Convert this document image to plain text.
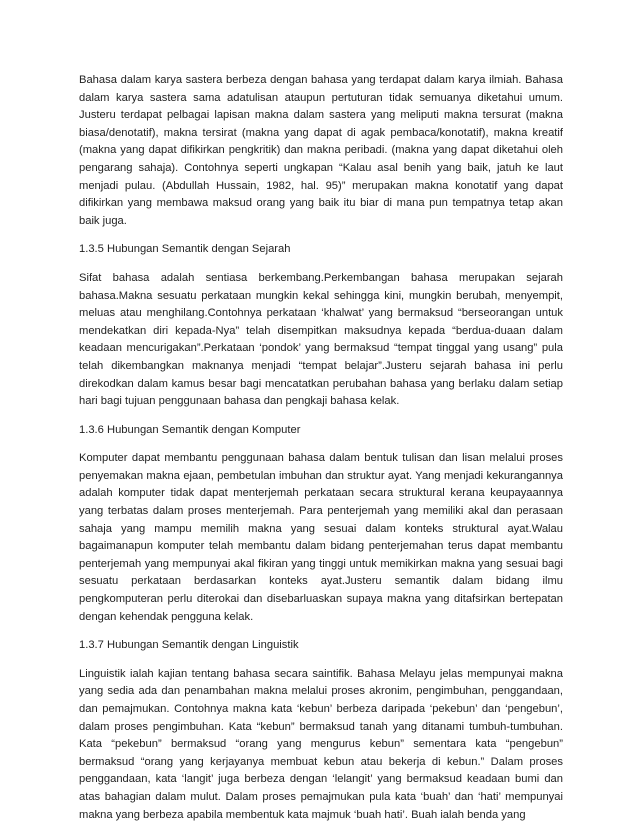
Bahasa dalam karya sastera berbeza dengan bahasa yang terdapat dalam karya ilmiah. Bahasa dalam karya sastera sama adatulisan ataupun pertuturan tidak semuanya diketahui umum. Justeru terdapat pelbagai lapisan makna dalam sastera yang meliputi makna tersurat (makna biasa/denotatif), makna tersirat (makna yang dapat di agak pembaca/konotatif), makna kreatif (makna yang dapat difikirkan pengkritik) dan makna peribadi. (makna yang dapat diketahui oleh pengarang sahaja). Contohnya seperti ungkapan “Kalau asal benih yang baik, jatuh ke laut menjadi pulau. (Abdullah Hussain, 1982, hal. 95)” merupakan makna konotatif yang dapat difikirkan yang membawa maksud orang yang baik itu biar di mana pun tempatnya tetap akan baik juga.

1.3.5 Hubungan Semantik dengan Sejarah

Sifat bahasa adalah sentiasa berkembang.Perkembangan bahasa merupakan sejarah bahasa.Makna sesuatu perkataan mungkin kekal sehingga kini, mungkin berubah, menyempit, meluas atau menghilang.Contohnya perkataan ‘khalwat’ yang bermaksud “berseorangan untuk mendekatkan diri kepada-Nya” telah disempitkan maksudnya kepada “berdua-duaan dalam keadaan mencurigakan”.Perkataan ‘pondok’ yang bermaksud “tempat tinggal yang usang” pula telah dikembangkan maknanya menjadi “tempat belajar”.Justeru sejarah bahasa ini perlu direkodkan dalam kamus besar bagi mencatatkan perubahan bahasa yang berlaku dalam setiap hari bagi tujuan penggunaan bahasa dan pengkaji bahasa kelak.

1.3.6 Hubungan Semantik dengan Komputer

Komputer dapat membantu penggunaan bahasa dalam bentuk tulisan dan lisan melalui proses penyemakan makna ejaan, pembetulan imbuhan dan struktur ayat. Yang menjadi kekurangannya adalah komputer tidak dapat menterjemah perkataan secara struktural kerana keupayaannya yang terbatas dalam proses menterjemah. Para penterjemah yang memiliki akal dan perasaan sahaja yang mampu memilih makna yang sesuai dalam konteks struktural ayat.Walau bagaimanapun komputer telah membantu dalam bidang penterjemahan terus dapat membantu penterjemah yang mempunyai akal fikiran yang tinggi untuk memikirkan makna yang sesuai bagi sesuatu perkataan berdasarkan konteks ayat.Justeru semantik dalam bidang ilmu pengkomputeran perlu diterokai dan disebarluaskan supaya makna yang ditafsirkan bertepatan dengan kehendak pengguna kelak.

1.3.7 Hubungan Semantik dengan Linguistik

Linguistik ialah kajian tentang bahasa secara saintifik. Bahasa Melayu jelas mempunyai makna yang sedia ada dan penambahan makna melalui proses akronim, pengimbuhan, penggandaan, dan pemajmukan. Contohnya makna kata ‘kebun’ berbeza daripada ‘pekebun’ dan ‘pengebun’, dalam proses pengimbuhan. Kata “kebun” bermaksud tanah yang ditanami tumbuh-tumbuhan. Kata “pekebun” bermaksud “orang yang mengurus kebun” sementara kata “pengebun” bermaksud “orang yang kerjayanya membuat kebun atau bekerja di kebun.” Dalam proses penggandaan, kata ‘langit’ juga berbeza dengan ‘lelangit’ yang bermaksud keadaan bumi dan atas bahagian dalam mulut. Dalam proses pemajmukan pula kata ‘buah’ dan ‘hati’ mempunyai makna yang berbeza apabila membentuk kata majmuk ‘buah hati’. Buah ialah benda yang
